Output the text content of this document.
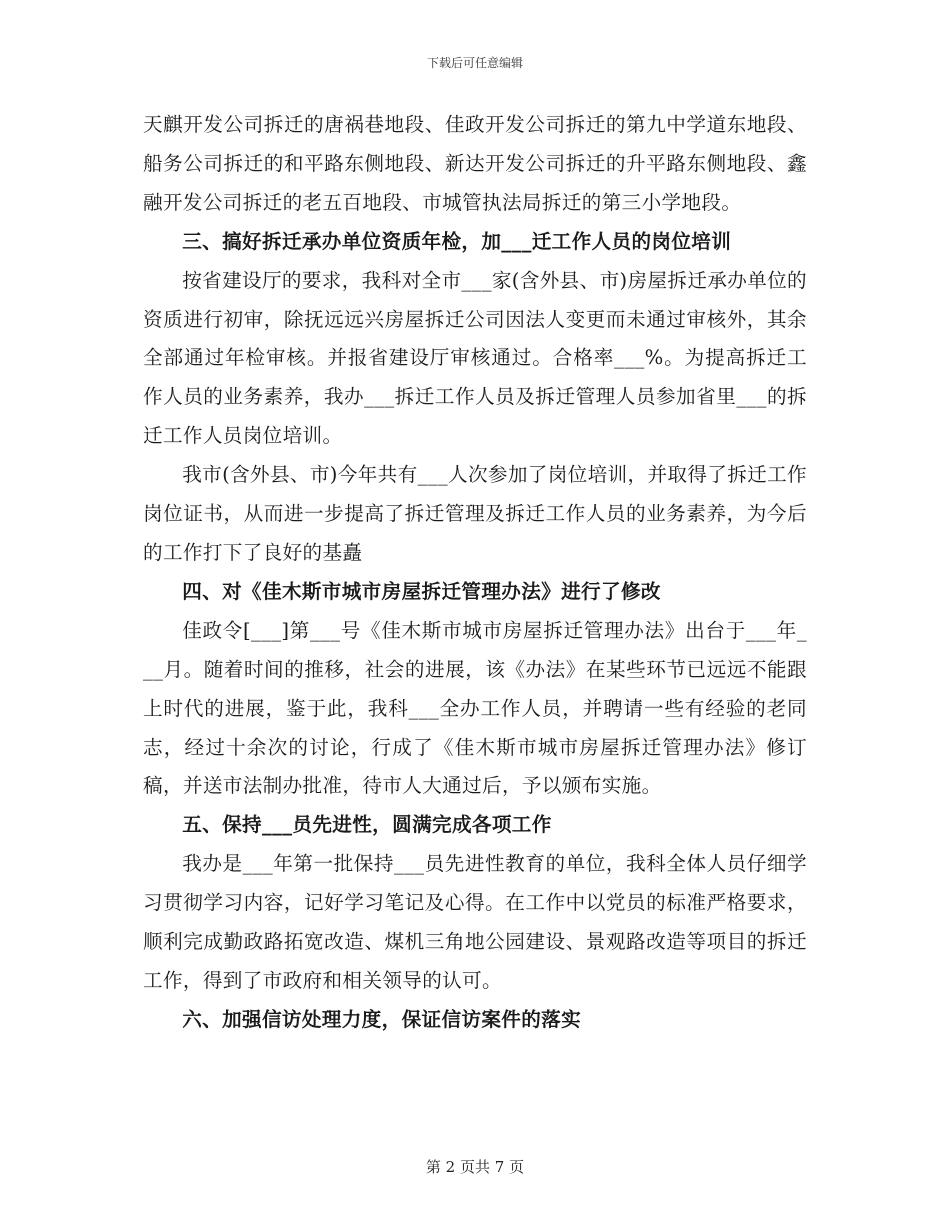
下载后可任意编辑

天麒开发公司拆迁的唐祸巷地段、佳政开发公司拆迁的第九中学道东地段、船务公司拆迁的和平路东侧地段、新达开发公司拆迁的升平路东侧地段、鑫融开发公司拆迁的老五百地段、市城管执法局拆迁的第三小学地段。

三、搞好拆迁承办单位资质年检，加___迁工作人员的岗位培训

按省建设厅的要求，我科对全市___家(含外县、市)房屋拆迁承办单位的资质进行初审，除抚远远兴房屋拆迁公司因法人变更而未通过审核外，其余全部通过年检审核。并报省建设厅审核通过。合格率___%。为提高拆迁工作人员的业务素养，我办___拆迁工作人员及拆迁管理人员参加省里___的拆迁工作人员岗位培训。

我市(含外县、市)今年共有___人次参加了岗位培训，并取得了拆迁工作岗位证书，从而进一步提高了拆迁管理及拆迁工作人员的业务素养，为今后的工作打下了良好的基矗

四、对《佳木斯市城市房屋拆迁管理办法》进行了修改

佳政令[___]第___号《佳木斯市城市房屋拆迁管理办法》出台于___年___月。随着时间的推移，社会的进展，该《办法》在某些环节已远远不能跟上时代的进展，鉴于此，我科___全办工作人员，并聘请一些有经验的老同志，经过十余次的讨论，行成了《佳木斯市城市房屋拆迁管理办法》修订稿，并送市法制办批准，待市人大通过后，予以颁布实施。

五、保持___员先进性，圆满完成各项工作

我办是___年第一批保持___员先进性教育的单位，我科全体人员仔细学习贯彻学习内容，记好学习笔记及心得。在工作中以党员的标准严格要求，顺利完成勤政路拓宽改造、煤机三角地公园建设、景观路改造等项目的拆迁工作，得到了市政府和相关领导的认可。

六、加强信访处理力度，保证信访案件的落实

第 2 页共 7 页
